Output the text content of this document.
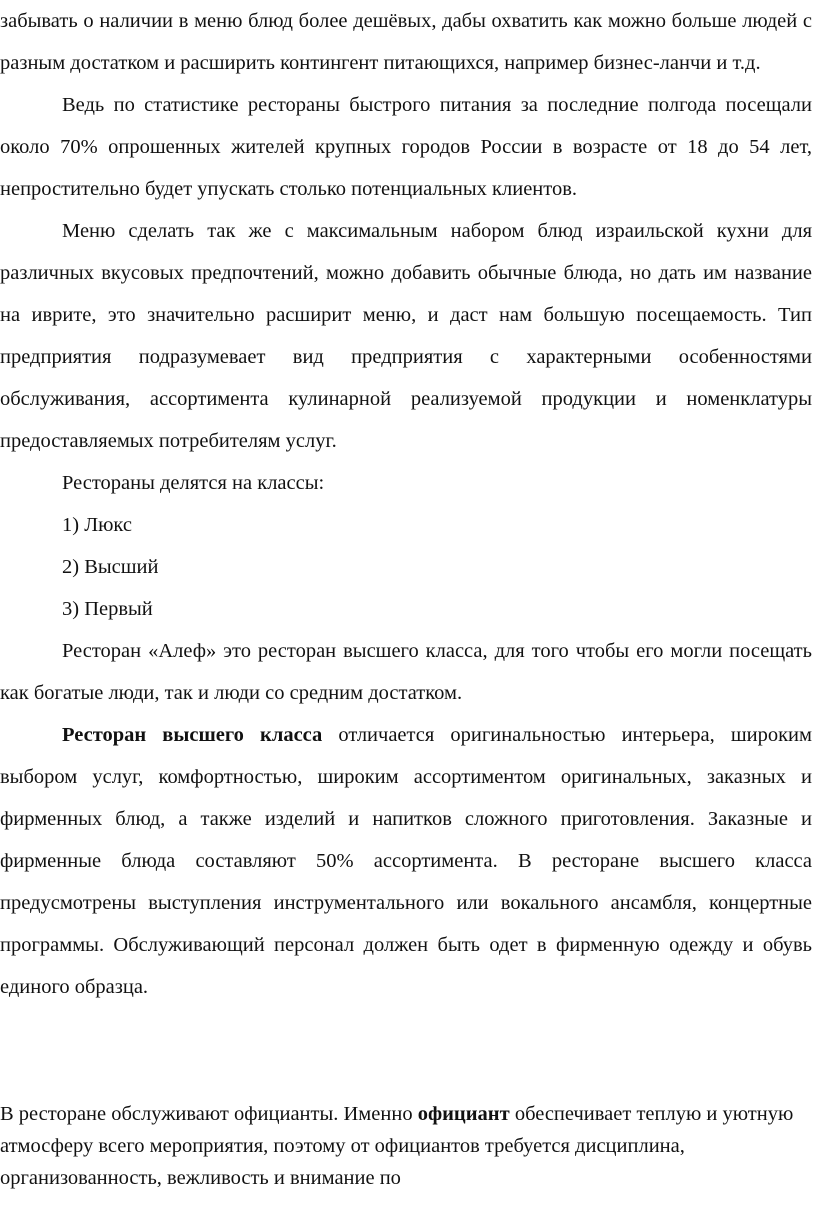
забывать о наличии в меню блюд более дешёвых, дабы охватить как можно больше людей с разным достатком и расширить контингент питающихся, например бизнес-ланчи и т.д.

Ведь по статистике рестораны быстрого питания за последние полгода посещали около 70% опрошенных жителей крупных городов России в возрасте от 18 до 54 лет, непростительно будет упускать столько потенциальных клиентов.

Меню сделать так же с максимальным набором блюд израильской кухни для различных вкусовых предпочтений, можно добавить обычные блюда, но дать им название на иврите, это значительно расширит меню, и даст нам большую посещаемость. Тип предприятия подразумевает вид предприятия с характерными особенностями обслуживания, ассортимента кулинарной реализуемой продукции и номенклатуры предоставляемых потребителям услуг.

Рестораны делятся на классы:

1) Люкс

2) Высший

3) Первый

Ресторан «Алеф» это ресторан высшего класса, для того чтобы его могли посещать как богатые люди, так и люди со средним достатком.

Ресторан высшего класса отличается оригинальностью интерьера, широким выбором услуг, комфортностью, широким ассортиментом оригинальных, заказных и фирменных блюд, а также изделий и напитков сложного приготовления. Заказные и фирменные блюда составляют 50% ассортимента. В ресторане высшего класса предусмотрены выступления инструментального или вокального ансамбля, концертные программы. Обслуживающий персонал должен быть одет в фирменную одежду и обувь единого образца.

В ресторане обслуживают официанты. Именно официант обеспечивает теплую и уютную атмосферу всего мероприятия, поэтому от официантов требуется дисциплина, организованность, вежливость и внимание по
